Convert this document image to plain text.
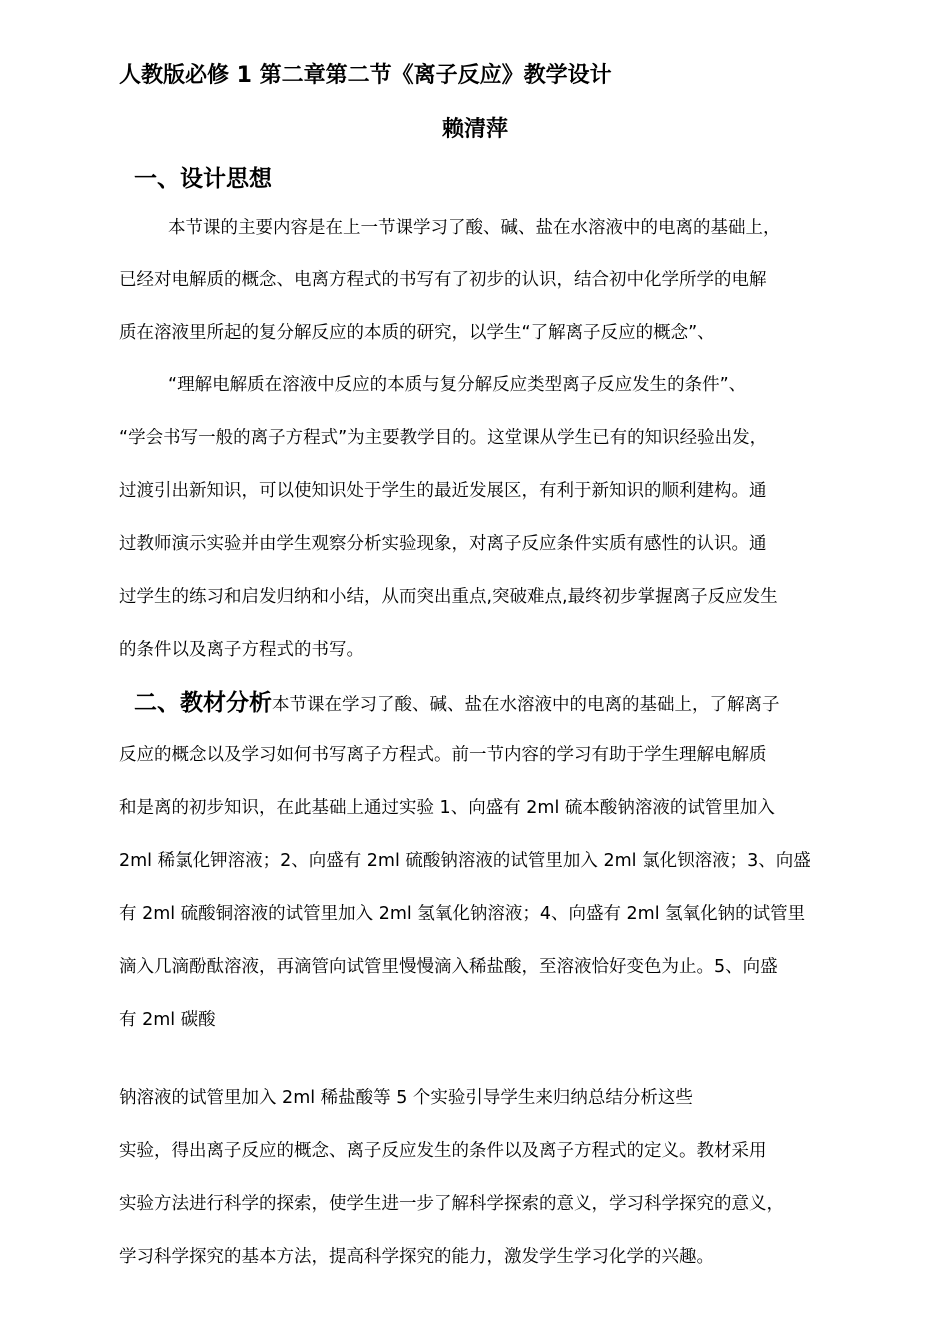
人教版必修 1 第二章第二节《离子反应》教学设计
赖清萍
一、设计思想

本节课的主要内容是在上一节课学习了酸、碱、盐在水溶液中的电离的基础上，

已经对电解质的概念、电离方程式的书写有了初步的认识，结合初中化学所学的电解

质在溶液里所起的复分解反应的本质的研究，以学生“了解离子反应的概念”、

“理解电解质在溶液中反应的本质与复分解反应类型离子反应发生的条件”、

“学会书写一般的离子方程式”为主要教学目的。这堂课从学生已有的知识经验出发，

过渡引出新知识，可以使知识处于学生的最近发展区，有利于新知识的顺利建构。通

过教师演示实验并由学生观察分析实验现象，对离子反应条件实质有感性的认识。通

过学生的练习和启发归纳和小结，从而突出重点,突破难点,最终初步掌握离子反应发生

的条件以及离子方程式的书写。

二、教材分析本节课在学习了酸、碱、盐在水溶液中的电离的基础上，了解离子

反应的概念以及学习如何书写离子方程式。前一节内容的学习有助于学生理解电解质

和是离的初步知识，在此基础上通过实验 1、向盛有 2ml 硫本酸钠溶液的试管里加入

2ml 稀氯化钾溶液；2、向盛有 2ml 硫酸钠溶液的试管里加入 2ml 氯化钡溶液；3、向盛

有 2ml 硫酸铜溶液的试管里加入 2ml 氢氧化钠溶液；4、向盛有 2ml 氢氧化钠的试管里

滴入几滴酚酞溶液，再滴管向试管里慢慢滴入稀盐酸，至溶液恰好变色为止。5、向盛

有 2ml 碳酸

钠溶液的试管里加入 2ml 稀盐酸等 5 个实验引导学生来归纳总结分析这些

实验，得出离子反应的概念、离子反应发生的条件以及离子方程式的定义。教材采用

实验方法进行科学的探索，使学生进一步了解科学探索的意义，学习科学探究的意义，

学习科学探究的基本方法，提高科学探究的能力，激发学生学习化学的兴趣。
